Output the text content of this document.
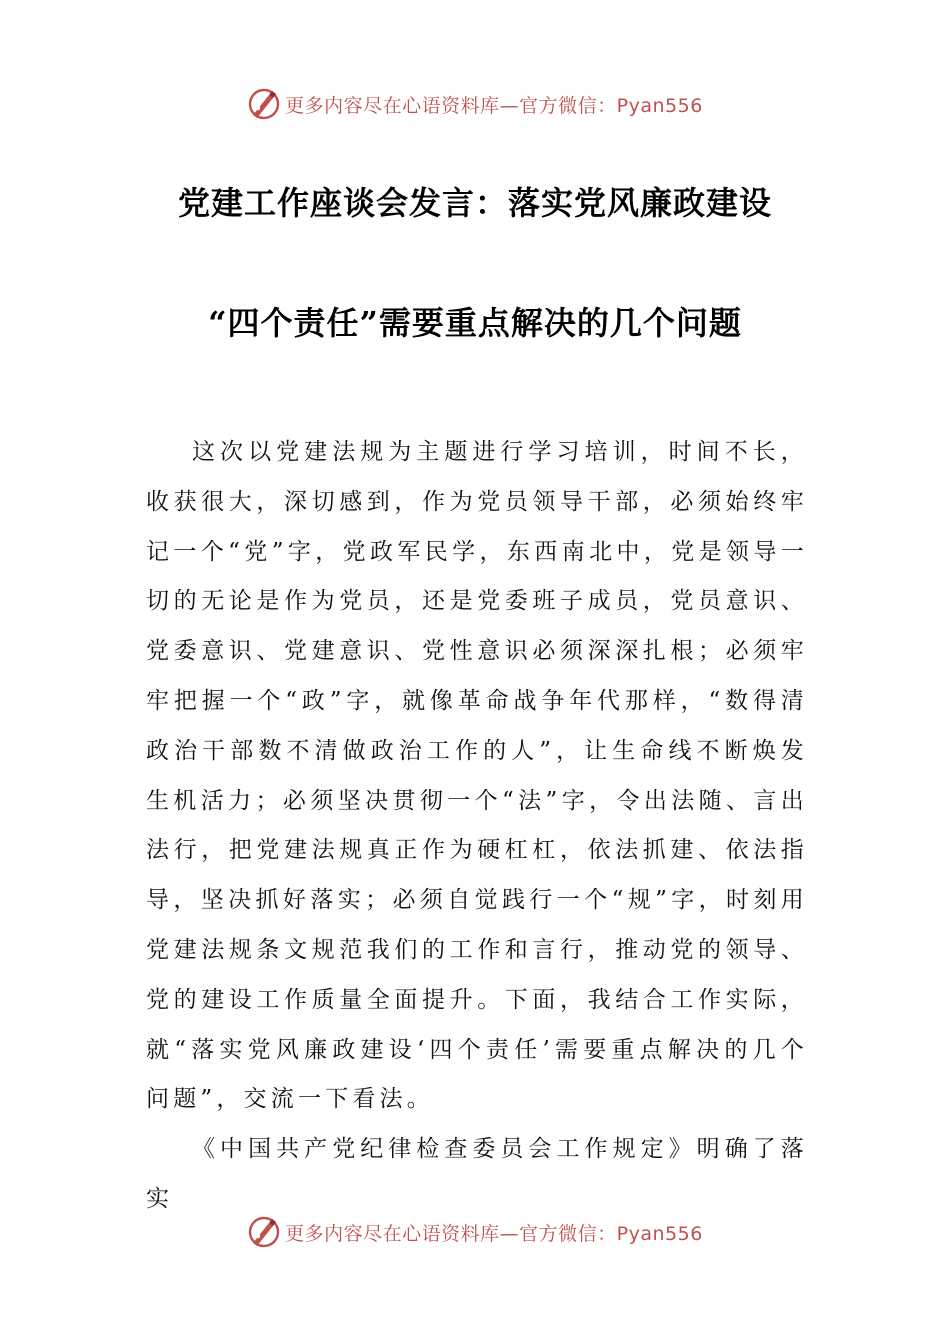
更多内容尽在心语资料库—官方微信：Pyan556
党建工作座谈会发言：落实党风廉政建设
“四个责任”需要重点解决的几个问题

这次以党建法规为主题进行学习培训，时间不长，收获很大，深切感到，作为党员领导干部，必须始终牢记一个“党”字，党政军民学，东西南北中，党是领导一切的无论是作为党员，还是党委班子成员，党员意识、党委意识、党建意识、党性意识必须深深扎根；必须牢牢把握一个“政”字，就像革命战争年代那样，“数得清政治干部数不清做政治工作的人”，让生命线不断焕发生机活力；必须坚决贯彻一个“法”字，令出法随、言出法行，把党建法规真正作为硬杠杠，依法抓建、依法指导，坚决抓好落实；必须自觉践行一个“规”字，时刻用党建法规条文规范我们的工作和言行，推动党的领导、党的建设工作质量全面提升。下面，我结合工作实际，就“落实党风廉政建设‘四个责任’需要重点解决的几个问题”，交流一下看法。

《中国共产党纪律检查委员会工作规定》明确了落实

更多内容尽在心语资料库—官方微信：Pyan556
